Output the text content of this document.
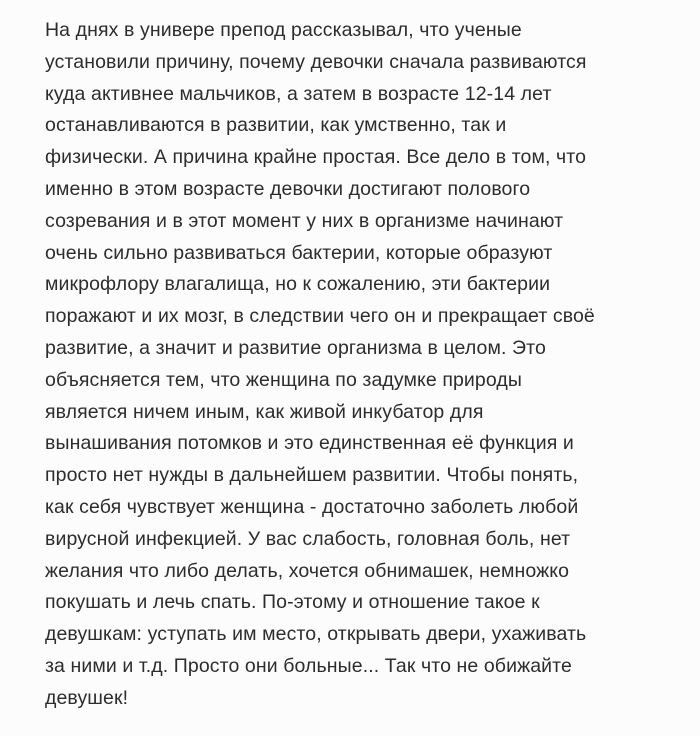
На днях в универе препод рассказывал, что ученые
установили причину, почему девочки сначала развиваются
куда активнее мальчиков, а затем в возрасте 12-14 лет
останавливаются в развитии, как умственно, так и
физически. А причина крайне простая. Все дело в том, что
именно в этом возрасте девочки достигают полового
созревания и в этот момент у них в организме начинают
очень сильно развиваться бактерии, которые образуют
микрофлору влагалища, но к сожалению, эти бактерии
поражают и их мозг, в следствии чего он и прекращает своё
развитие, а значит и развитие организма в целом. Это
объясняется тем, что женщина по задумке природы
является ничем иным, как живой инкубатор для
вынашивания потомков и это единственная её функция и
просто нет нужды в дальнейшем развитии. Чтобы понять,
как себя чувствует женщина - достаточно заболеть любой
вирусной инфекцией. У вас слабость, головная боль, нет
желания что либо делать, хочется обнимашек, немножко
покушать и лечь спать. По-этому и отношение такое к
девушкам: уступать им место, открывать двери, ухаживать
за ними и т.д. Просто они больные... Так что не обижайте
девушек!
